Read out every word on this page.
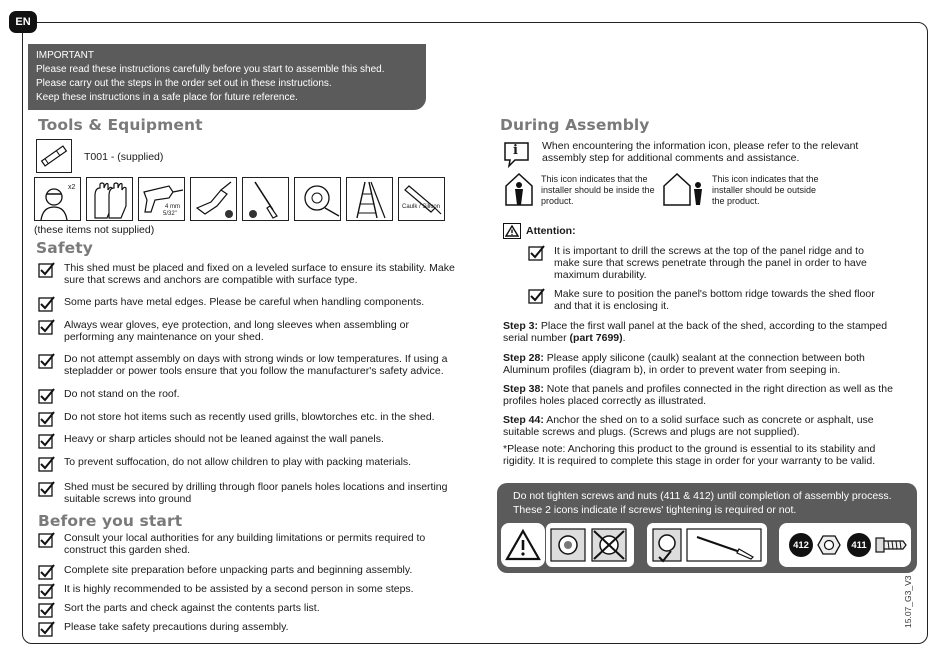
EN
IMPORTANT
Please read these instructions carefully before you start to assemble this shed.
Please carry out the steps in the order set out in these instructions.
Keep these instructions in a safe place for future reference.
Tools & Equipment
T001 - (supplied)
x2
4 mm
5/32"
Caulk / Silicon
(these items not supplied)
Safety
This shed must be placed and fixed on a leveled surface to ensure its stability. Make sure that screws and anchors are compatible with surface type.
Some parts have metal edges. Please be careful when handling components.
Always wear gloves, eye protection, and long sleeves when assembling or performing any maintenance on your shed.
Do not attempt assembly on days with strong winds or low temperatures. If using a stepladder or power tools ensure that you follow the manufacturer's safety advice.
Do not stand on the roof.
Do not store hot items such as recently used grills, blowtorches etc. in the shed.
Heavy or sharp articles should not be leaned against the wall panels.
To prevent suffocation, do not allow children to play with packing materials.
Shed must be secured by drilling through floor panels holes locations and inserting suitable screws into ground
Before you start
Consult your local authorities for any building limitations or permits required to construct this garden shed.
Complete site preparation before unpacking parts and beginning assembly.
It is highly recommended to be assisted by a second person in some steps.
Sort the parts and check against the contents parts list.
Please take safety precautions during assembly.
During Assembly
i When encountering the information icon, please refer to the relevant assembly step for additional comments and assistance.
This icon indicates that the installer should be inside the product.
This icon indicates that the installer should be outside the product.
Attention:
It is important to drill the screws at the top of the panel ridge and to make sure that screws penetrate through the panel in order to have maximum durability.
Make sure to position the panel's bottom ridge towards the shed floor and that it is enclosing it.
Step 3: Place the first wall panel at the back of the shed, according to the stamped serial number (part 7699).
Step 28: Please apply silicone (caulk) sealant at the connection between both Aluminum profiles (diagram b), in order to prevent water from seeping in.
Step 38: Note that panels and profiles connected in the right direction as well as the profiles holes placed correctly as illustrated.
Step 44: Anchor the shed on to a solid surface such as concrete or asphalt, use suitable screws and plugs. (Screws and plugs are not supplied).
*Please note: Anchoring this product to the ground is essential to its stability and rigidity. It is required to complete this stage in order for your warranty to be valid.
Do not tighten screws and nuts (411 & 412) until completion of assembly process.
These 2 icons indicate if screws' tightening is required or not.
412	411
15.07_G3_V3
